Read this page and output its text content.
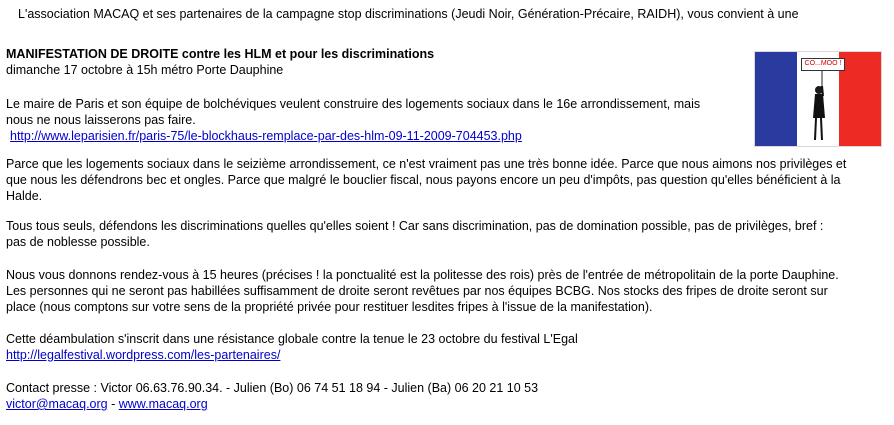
L'association MACAQ et ses partenaires de la campagne stop discriminations (Jeudi Noir, Génération-Précaire, RAIDH), vous convient à une
MANIFESTATION DE DROITE contre les HLM et pour les discriminations
dimanche 17 octobre à 15h métro Porte Dauphine
Le maire de Paris et son équipe de bolchéviques veulent construire des logements sociaux dans le 16e arrondissement, mais
nous ne nous laisserons pas faire.
http://www.leparisien.fr/paris-75/le-blockhaus-remplace-par-des-hlm-09-11-2009-704453.php
Parce que les logements sociaux dans le seizième arrondissement, ce n'est vraiment pas une très bonne idée. Parce que nous aimons nos privilèges et
que nous les défendrons bec et ongles. Parce que malgré le bouclier fiscal, nous payons encore un peu d'impôts, pas question qu'elles bénéficient à la
Halde.
Tous tous seuls, défendons les discriminations quelles qu'elles soient ! Car sans discrimination, pas de domination possible, pas de privilèges, bref :
pas de noblesse possible.
Nous vous donnons rendez-vous à 15 heures (précises ! la ponctualité est la politesse des rois) près de l'entrée de métropolitain de la porte Dauphine.
Les personnes qui ne seront pas habillées suffisamment de droite seront revêtues par nos équipes BCBG. Nos stocks des fripes de droite seront sur
place (nous comptons sur votre sens de la propriété privée pour restituer lesdites fripes à l'issue de la manifestation).
Cette déambulation s'inscrit dans une résistance globale contre la tenue le 23 octobre du festival L'Egal
http://legalfestival.wordpress.com/les-partenaires/
Contact presse : Victor 06.63.76.90.34. - Julien (Bo) 06 74 51 18 94 - Julien (Ba) 06 20 21 10 53
victor@macaq.org - www.macaq.org
CO...MOO !
